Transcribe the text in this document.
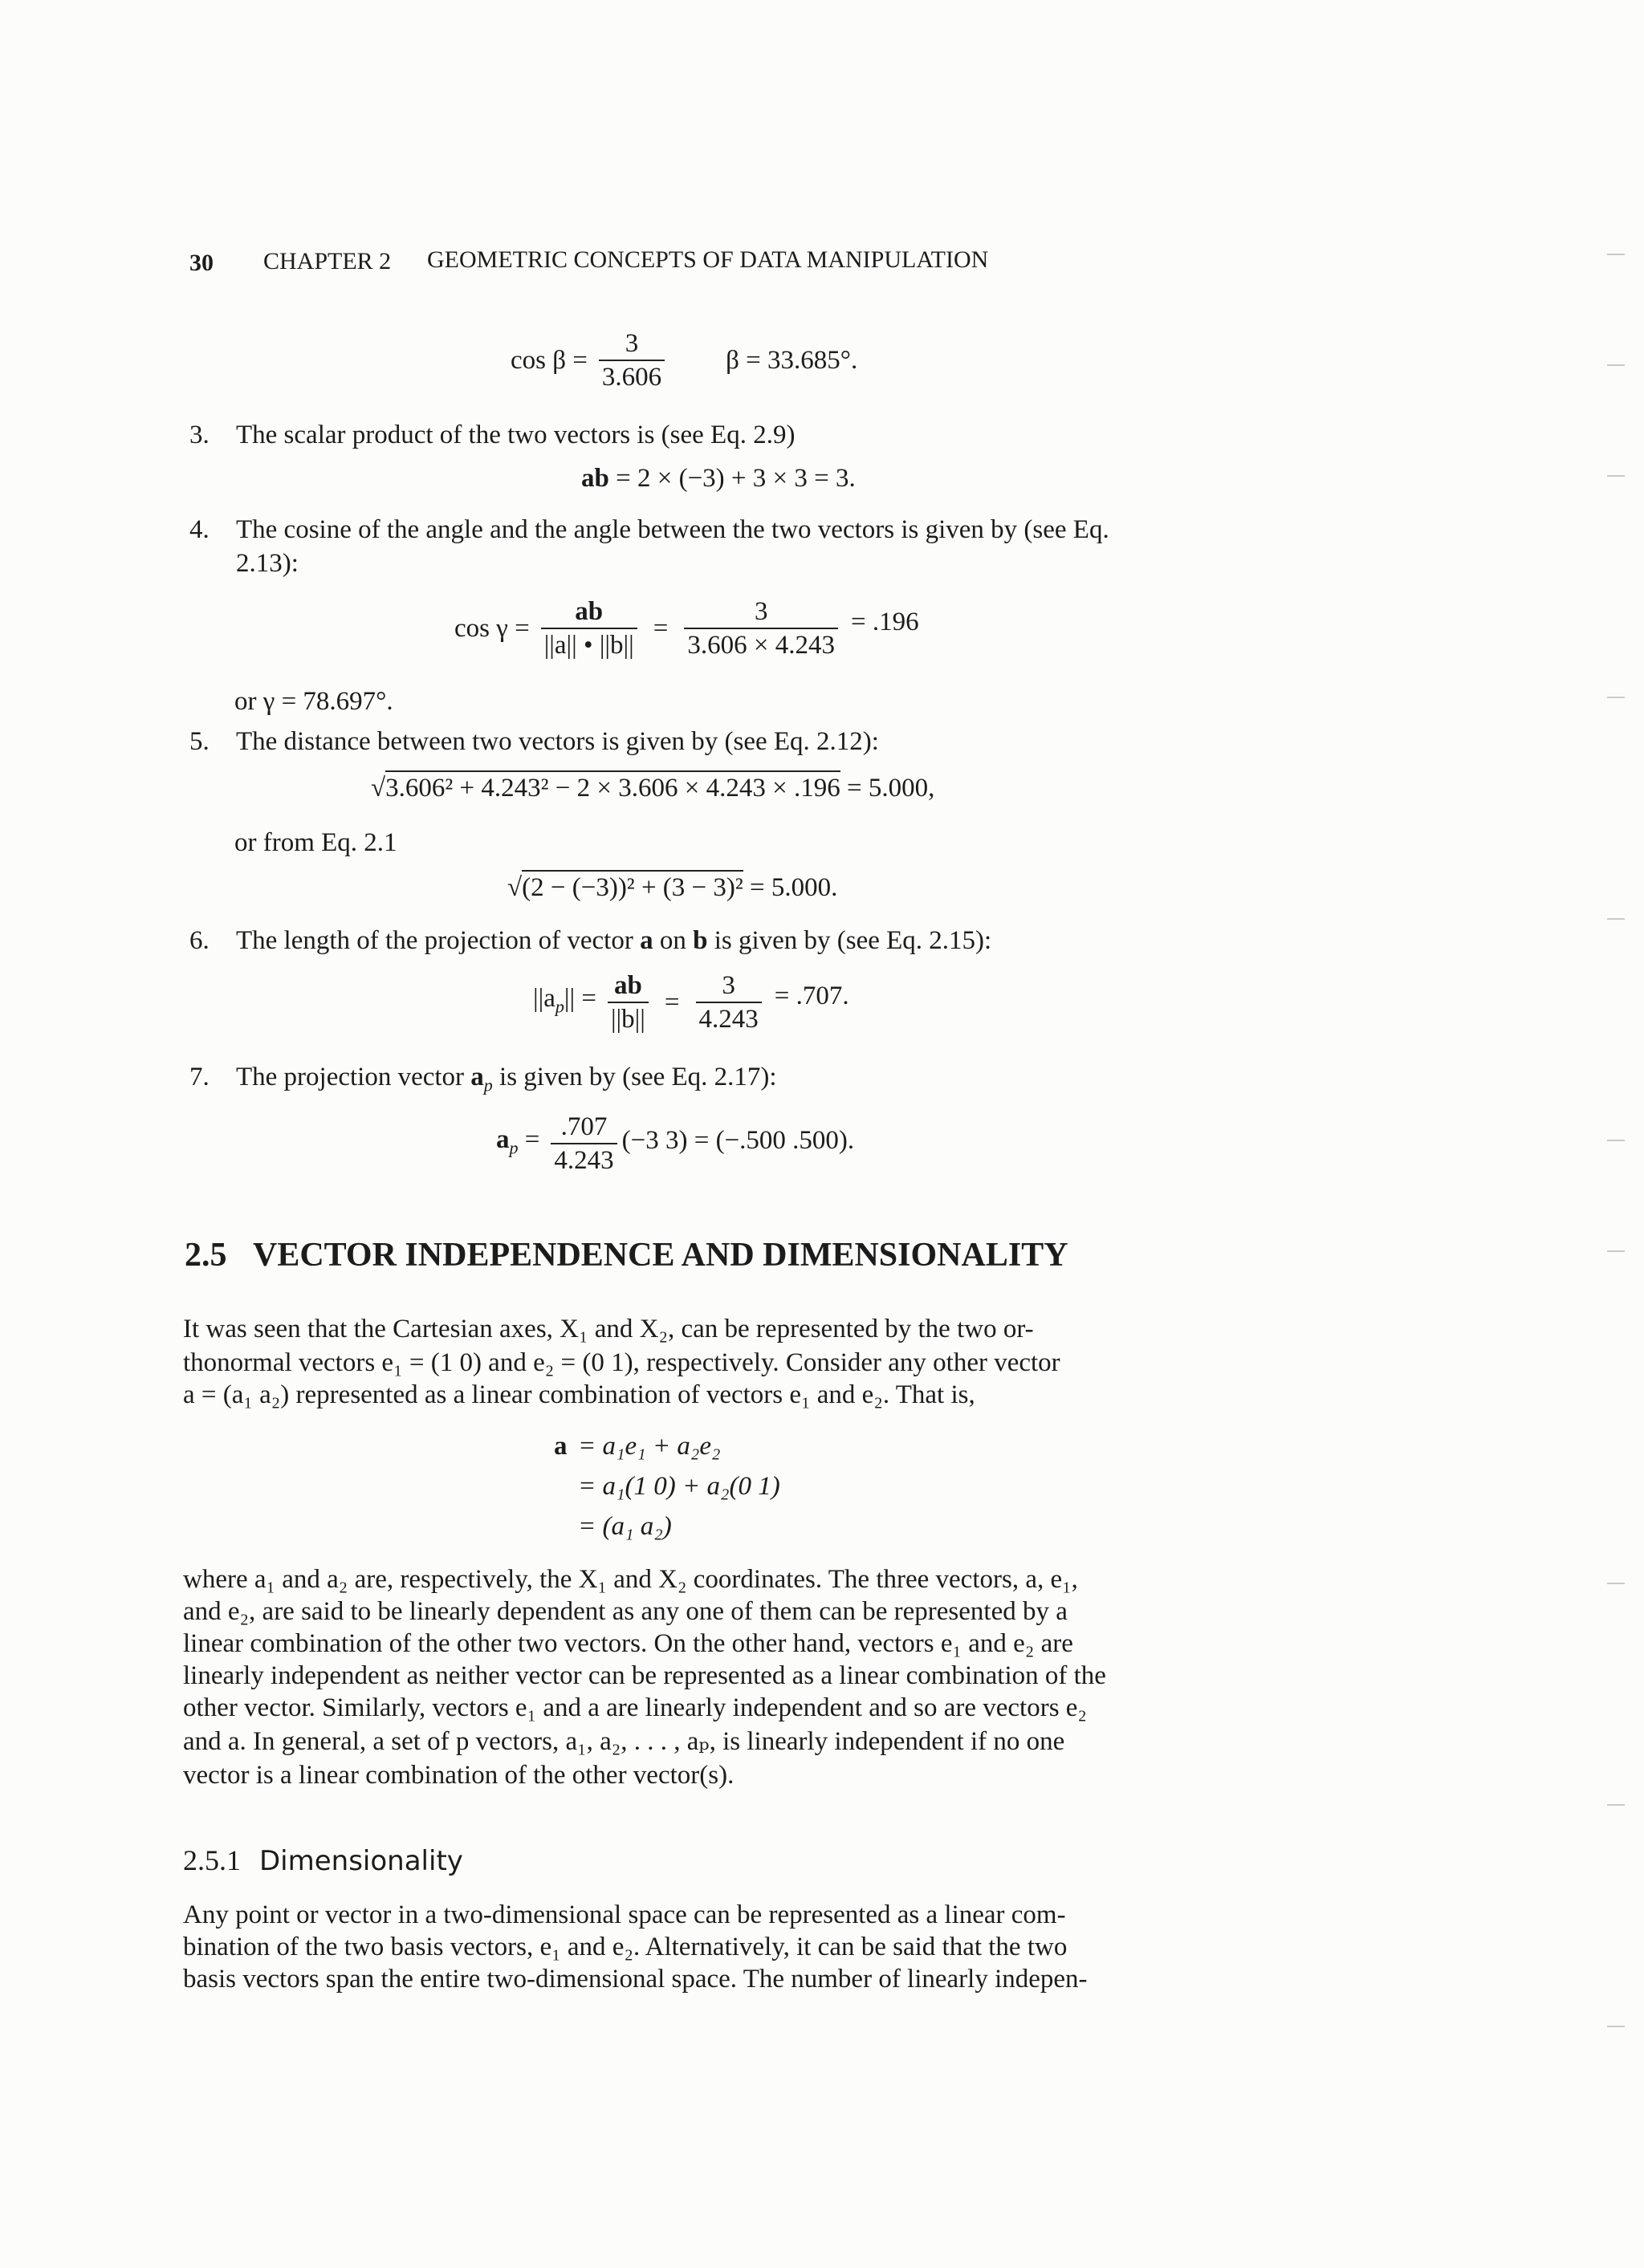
30 CHAPTER 2 GEOMETRIC CONCEPTS OF DATA MANIPULATION
$\cos \beta = \frac{3}{3.606}$ β = 33.685°.
3. The scalar product of the two vectors is (see Eq. 2.9)
ab = 2 × (−3) + 3 × 3 = 3.
4. The cosine of the angle and the angle between the two vectors is given by (see Eq.
2.13):
$\cos \gamma = \frac{ab}{||a|| • ||b||} = \frac{3}{3.606 \times 4.243} = .196$
or γ = 78.697°.
5. The distance between two vectors is given by (see Eq. 2.12):
√3.606² + 4.243² − 2 × 3.606 × 4.243 × .196 = 5.000,
or from Eq. 2.1
√(2 − (−3))² + (3 − 3)² = 5.000.
6. The length of the projection of vector a on b is given by (see Eq. 2.15):
$||a_p|| = \frac{ab}{||b||} = \frac{3}{4.243} = .707$.
7. The projection vector $a_p$ is given by (see Eq. 2.17):
$a_p = \frac{.707}{4.243} (-3$ 3) = (−.500 .500).
2.5 VECTOR INDEPENDENCE AND DIMENSIONALITY
It was seen that the Cartesian axes, X₁ and X₂, can be represented by the two or-
thonormal vectors e₁ = (1 0) and e₂ = (0 1), respectively. Consider any other vector
a = (a₁ a₂) represented as a linear combination of vectors e₁ and e₂. That is,
a = a₁e₁ + a₂e₂
= a₁(1 0) + a₂(0 1)
= (a₁ a₂)
where a₁ and a₂ are, respectively, the X₁ and X₂ coordinates. The three vectors, a, e₁,
and e₂, are said to be linearly dependent as any one of them can be represented by a
linear combination of the other two vectors. On the other hand, vectors e₁ and e₂ are
linearly independent as neither vector can be represented as a linear combination of the
other vector. Similarly, vectors e₁ and a are linearly independent and so are vectors e₂
and a. In general, a set of p vectors, a₁, a₂, . . . , aₚ, is linearly independent if no one
vector is a linear combination of the other vector(s).
2.5.1 Dimensionality
Any point or vector in a two-dimensional space can be represented as a linear com-
bination of the two basis vectors, e₁ and e₂. Alternatively, it can be said that the two
basis vectors span the entire two-dimensional space. The number of linearly indepen-
